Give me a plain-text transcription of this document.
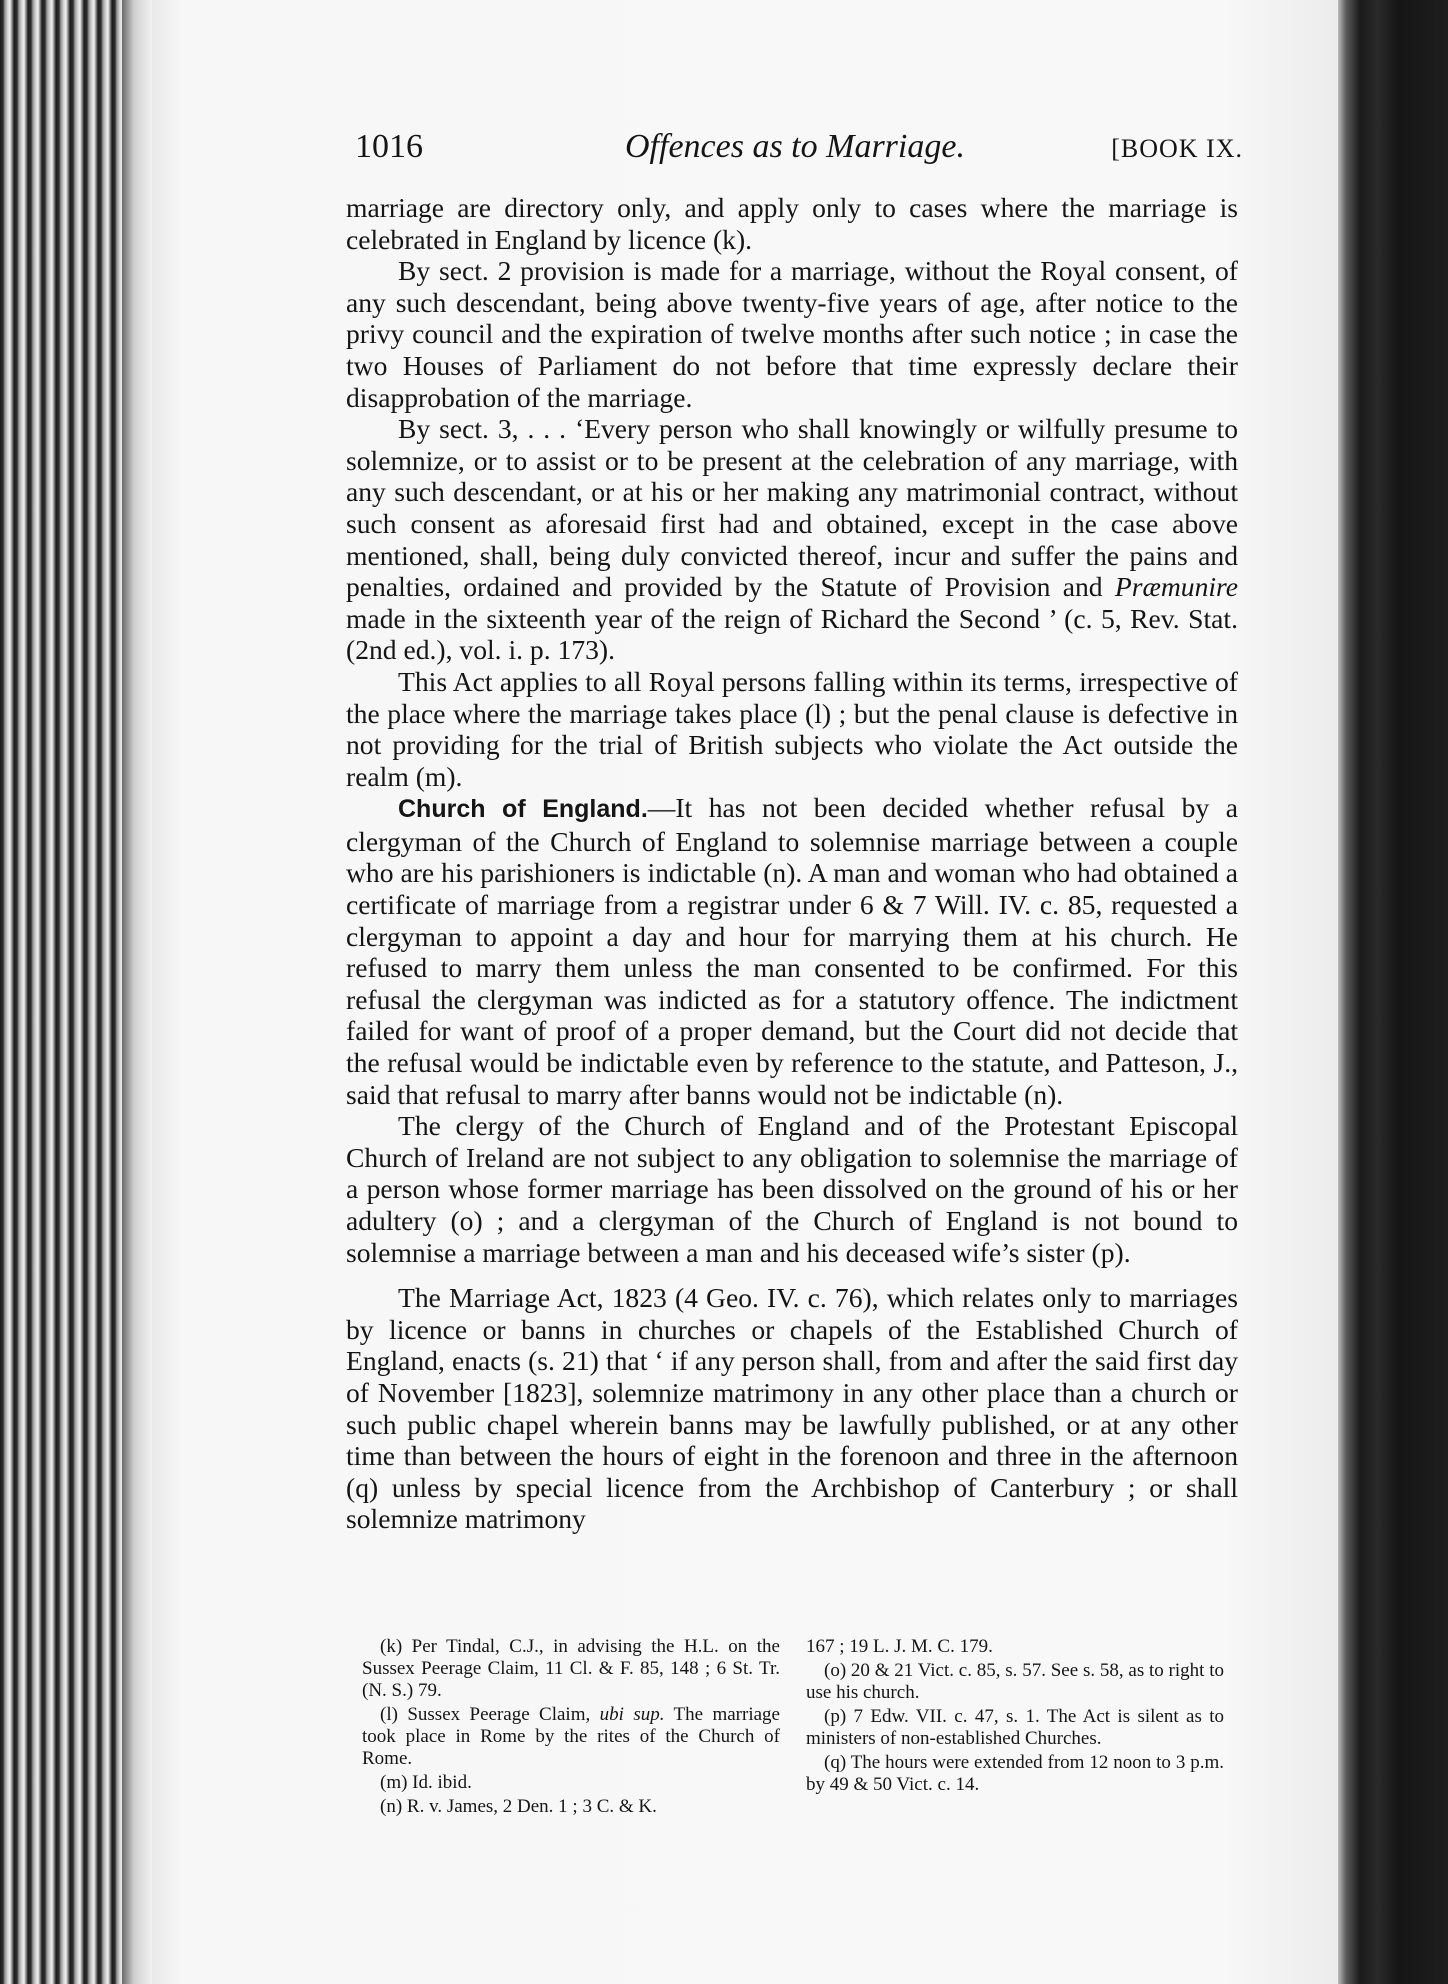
1016	Offences as to Marriage.	[BOOK IX.

marriage are directory only, and apply only to cases where the marriage is celebrated in England by licence (k).

By sect. 2 provision is made for a marriage, without the Royal consent, of any such descendant, being above twenty-five years of age, after notice to the privy council and the expiration of twelve months after such notice ; in case the two Houses of Parliament do not before that time expressly declare their disapprobation of the marriage.

By sect. 3, . . . ‘Every person who shall knowingly or wilfully presume to solemnize, or to assist or to be present at the celebration of any marriage, with any such descendant, or at his or her making any matrimonial contract, without such consent as aforesaid first had and obtained, except in the case above mentioned, shall, being duly convicted thereof, incur and suffer the pains and penalties, ordained and provided by the Statute of Provision and Præmunire made in the sixteenth year of the reign of Richard the Second ’ (c. 5, Rev. Stat. (2nd ed.), vol. i. p. 173).

This Act applies to all Royal persons falling within its terms, irrespective of the place where the marriage takes place (l) ; but the penal clause is defective in not providing for the trial of British subjects who violate the Act outside the realm (m).

Church of England.—It has not been decided whether refusal by a clergyman of the Church of England to solemnise marriage between a couple who are his parishioners is indictable (n). A man and woman who had obtained a certificate of marriage from a registrar under 6 & 7 Will. IV. c. 85, requested a clergyman to appoint a day and hour for marrying them at his church. He refused to marry them unless the man consented to be confirmed. For this refusal the clergyman was indicted as for a statutory offence. The indictment failed for want of proof of a proper demand, but the Court did not decide that the refusal would be indictable even by reference to the statute, and Patteson, J., said that refusal to marry after banns would not be indictable (n).

The clergy of the Church of England and of the Protestant Episcopal Church of Ireland are not subject to any obligation to solemnise the marriage of a person whose former marriage has been dissolved on the ground of his or her adultery (o) ; and a clergyman of the Church of England is not bound to solemnise a marriage between a man and his deceased wife’s sister (p).

The Marriage Act, 1823 (4 Geo. IV. c. 76), which relates only to marriages by licence or banns in churches or chapels of the Established Church of England, enacts (s. 21) that ‘ if any person shall, from and after the said first day of November [1823], solemnize matrimony in any other place than a church or such public chapel wherein banns may be lawfully published, or at any other time than between the hours of eight in the forenoon and three in the afternoon (q) unless by special licence from the Archbishop of Canterbury ; or shall solemnize matrimony

(k) Per Tindal, C.J., in advising the H.L. on the Sussex Peerage Claim, 11 Cl. & F. 85, 148 ; 6 St. Tr. (N. S.) 79.

(l) Sussex Peerage Claim, ubi sup. The marriage took place in Rome by the rites of the Church of Rome.

(m) Id. ibid.

(n) R. v. James, 2 Den. 1 ; 3 C. & K.

167 ; 19 L. J. M. C. 179.

(o) 20 & 21 Vict. c. 85, s. 57. See s. 58, as to right to use his church.

(p) 7 Edw. VII. c. 47, s. 1. The Act is silent as to ministers of non-established Churches.

(q) The hours were extended from 12 noon to 3 p.m. by 49 & 50 Vict. c. 14.
